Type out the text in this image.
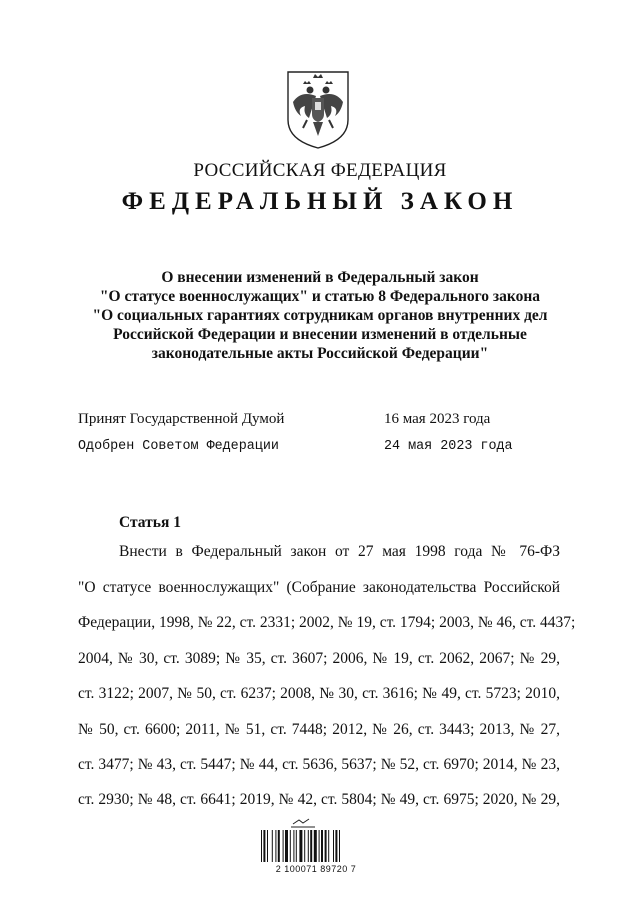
РОССИЙСКАЯ ФЕДЕРАЦИЯ
ФЕДЕРАЛЬНЫЙ ЗАКОН
О внесении изменений в Федеральный закон
"О статусе военнослужащих" и статью 8 Федерального закона
"О социальных гарантиях сотрудникам органов внутренних дел
Российской Федерации и внесении изменений в отдельные
законодательные акты Российской Федерации"
Принят Государственной Думой	16 мая 2023 года
Одобрен Советом Федерации	24 мая 2023 года
Статья 1
Внести в Федеральный закон от 27 мая 1998 года № 76-ФЗ
"О статусе военнослужащих" (Собрание законодательства Российской
Федерации, 1998, № 22, ст. 2331; 2002, № 19, ст. 1794; 2003, № 46, ст. 4437;
2004, № 30, ст. 3089; № 35, ст. 3607; 2006, № 19, ст. 2062, 2067; № 29,
ст. 3122; 2007, № 50, ст. 6237; 2008, № 30, ст. 3616; № 49, ст. 5723; 2010,
№ 50, ст. 6600; 2011, № 51, ст. 7448; 2012, № 26, ст. 3443; 2013, № 27,
ст. 3477; № 43, ст. 5447; № 44, ст. 5636, 5637; № 52, ст. 6970; 2014, № 23,
ст. 2930; № 48, ст. 6641; 2019, № 42, ст. 5804; № 49, ст. 6975; 2020, № 29,
2 100071 89720 7
